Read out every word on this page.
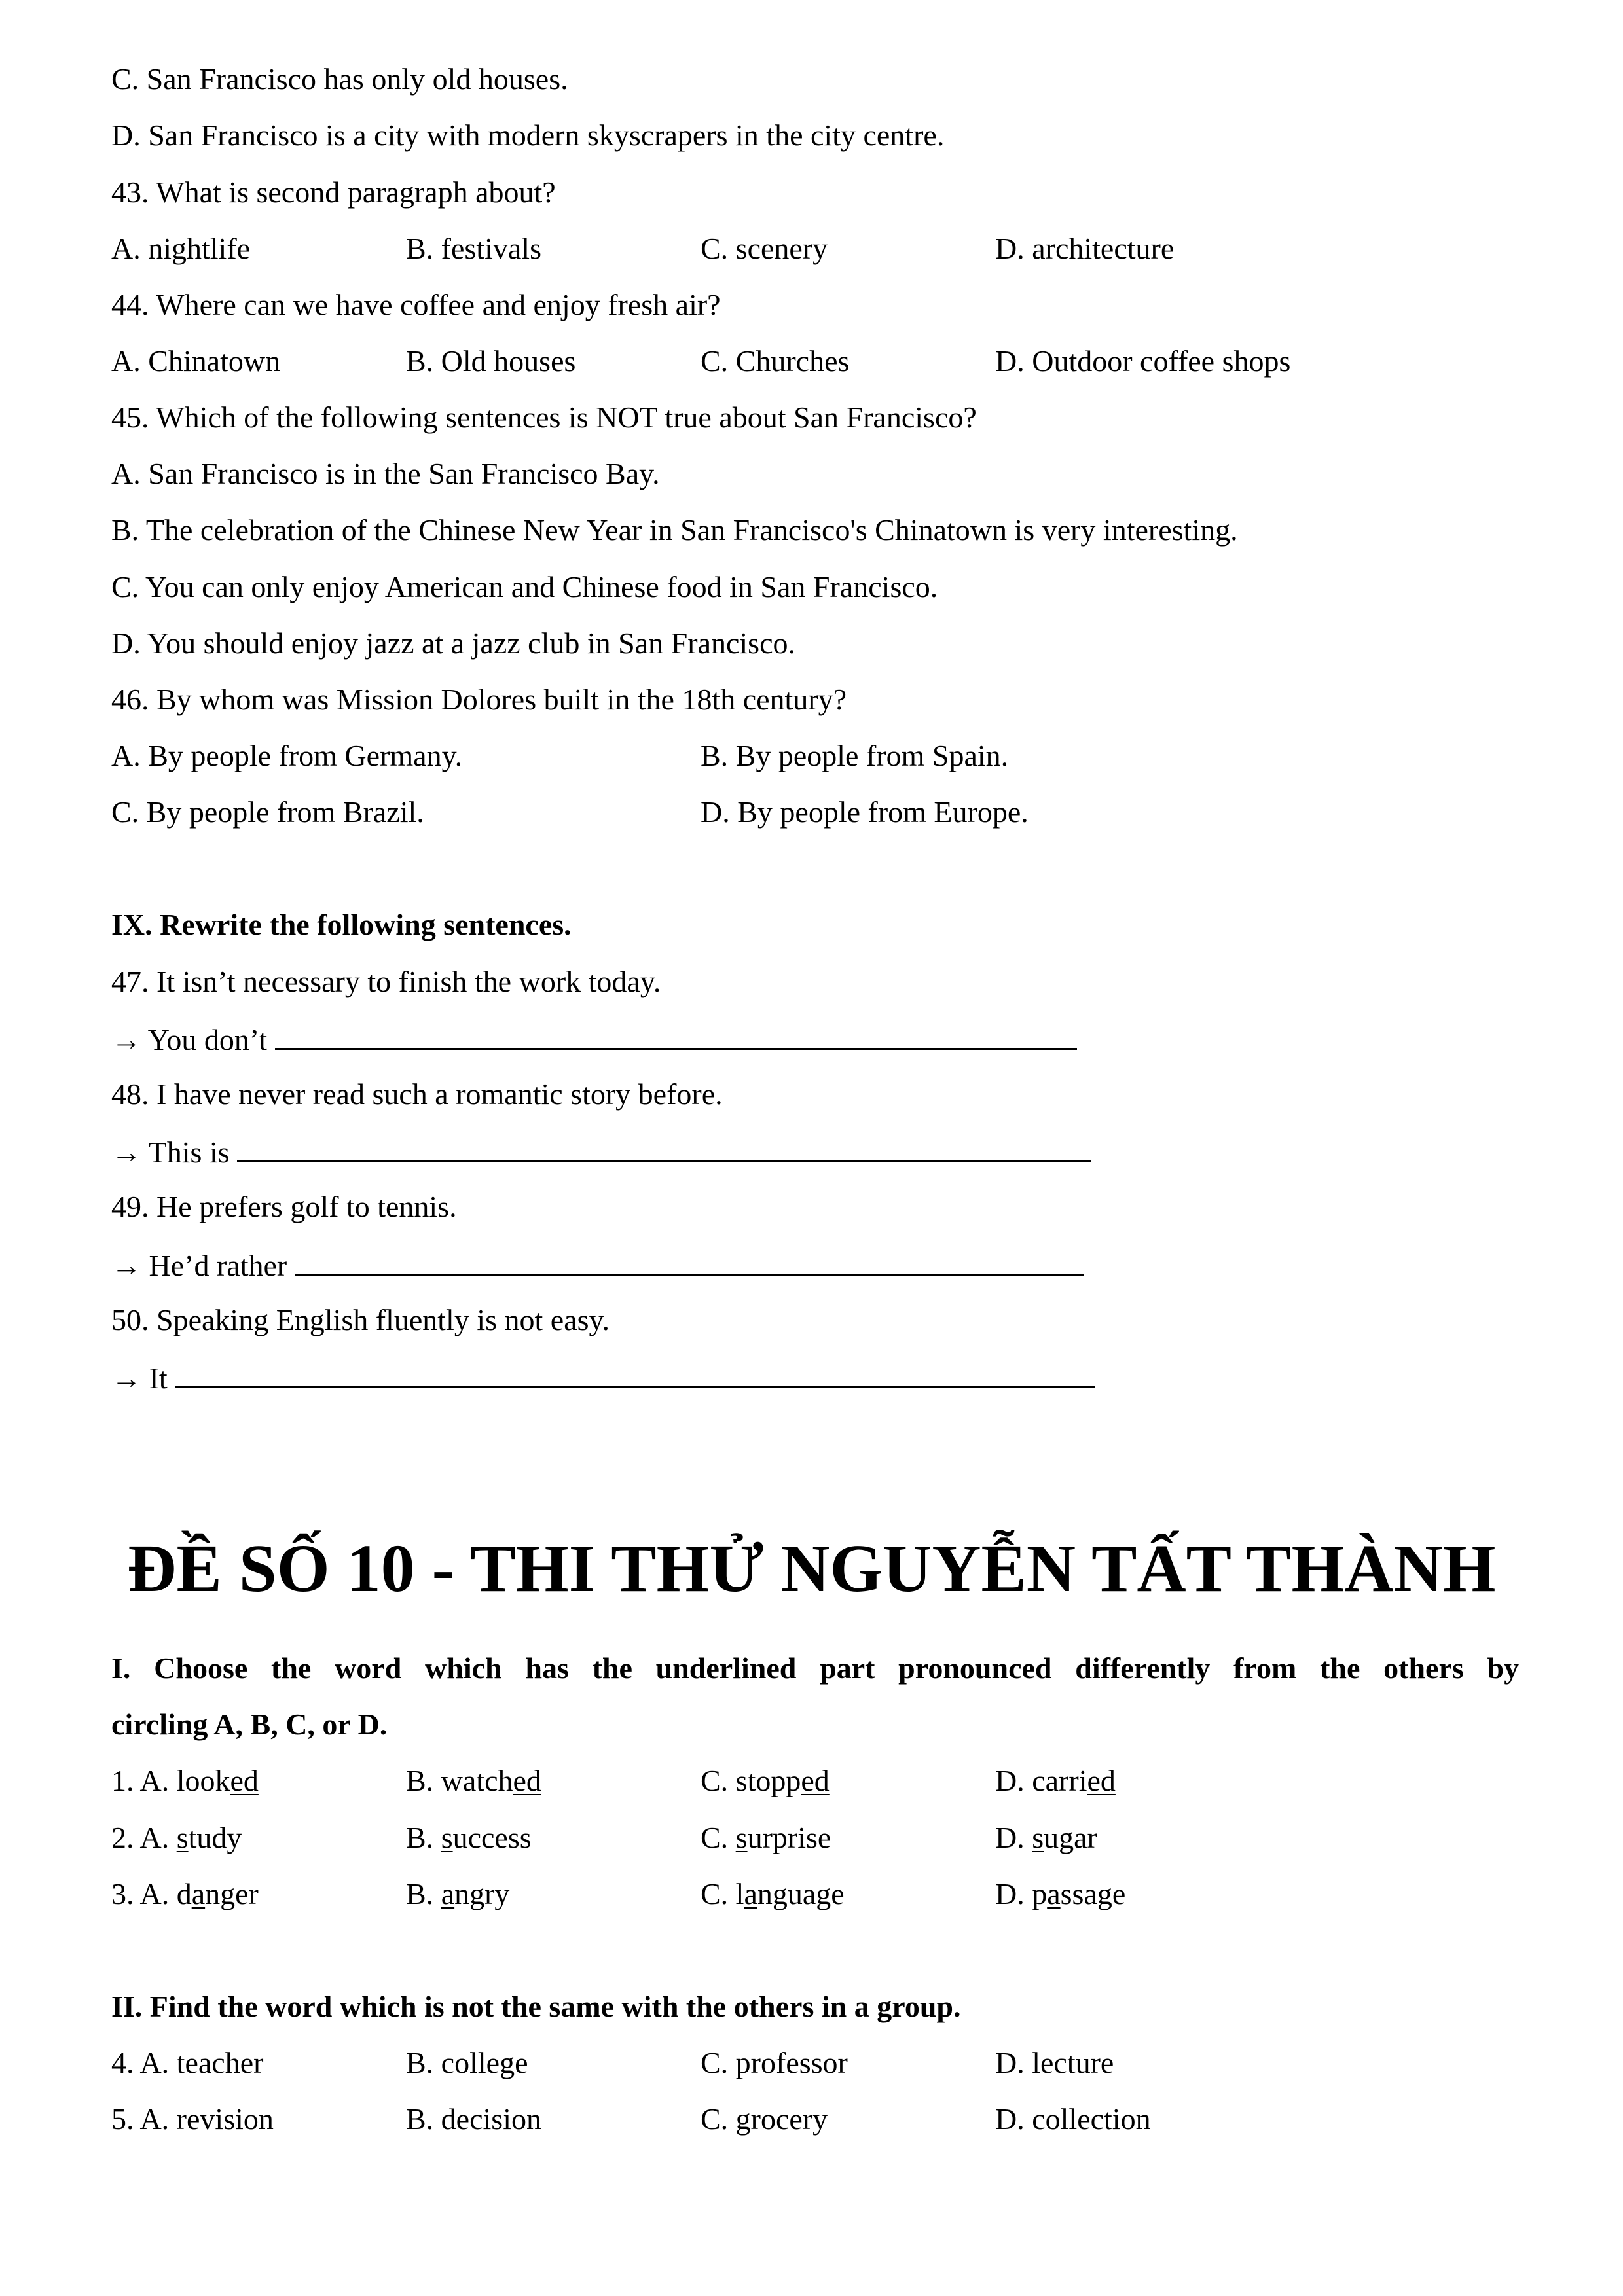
C. San Francisco has only old houses.
D. San Francisco is a city with modern skyscrapers in the city centre.
43. What is second paragraph about?
A. nightlife	B. festivals	C. scenery	D. architecture
44. Where can we have coffee and enjoy fresh air?
A. Chinatown	B. Old houses	C. Churches	D. Outdoor coffee shops
45. Which of the following sentences is NOT true about San Francisco?
A. San Francisco is in the San Francisco Bay.
B. The celebration of the Chinese New Year in San Francisco's Chinatown is very interesting.
C. You can only enjoy American and Chinese food in San Francisco.
D. You should enjoy jazz at a jazz club in San Francisco.
46. By whom was Mission Dolores built in the 18th century?
A. By people from Germany.	B. By people from Spain.
C. By people from Brazil.	D. By people from Europe.
IX. Rewrite the following sentences.
47. It isn’t necessary to finish the work today.
→ You don’t
48. I have never read such a romantic story before.
→ This is
49. He prefers golf to tennis.
→ He’d rather
50. Speaking English fluently is not easy.
→ It
ĐỀ SỐ 10 - THI THỬ NGUYỄN TẤT THÀNH
I. Choose the word which has the underlined part pronounced differently from the others by
circling A, B, C, or D.
1. A. looked	B. watched	C. stopped	D. carried
2. A. study	B. success	C. surprise	D. sugar
3. A. danger	B. angry	C. language	D. passage
II. Find the word which is not the same with the others in a group.
4. A. teacher	B. college	C. professor	D. lecture
5. A. revision	B. decision	C. grocery	D. collection
